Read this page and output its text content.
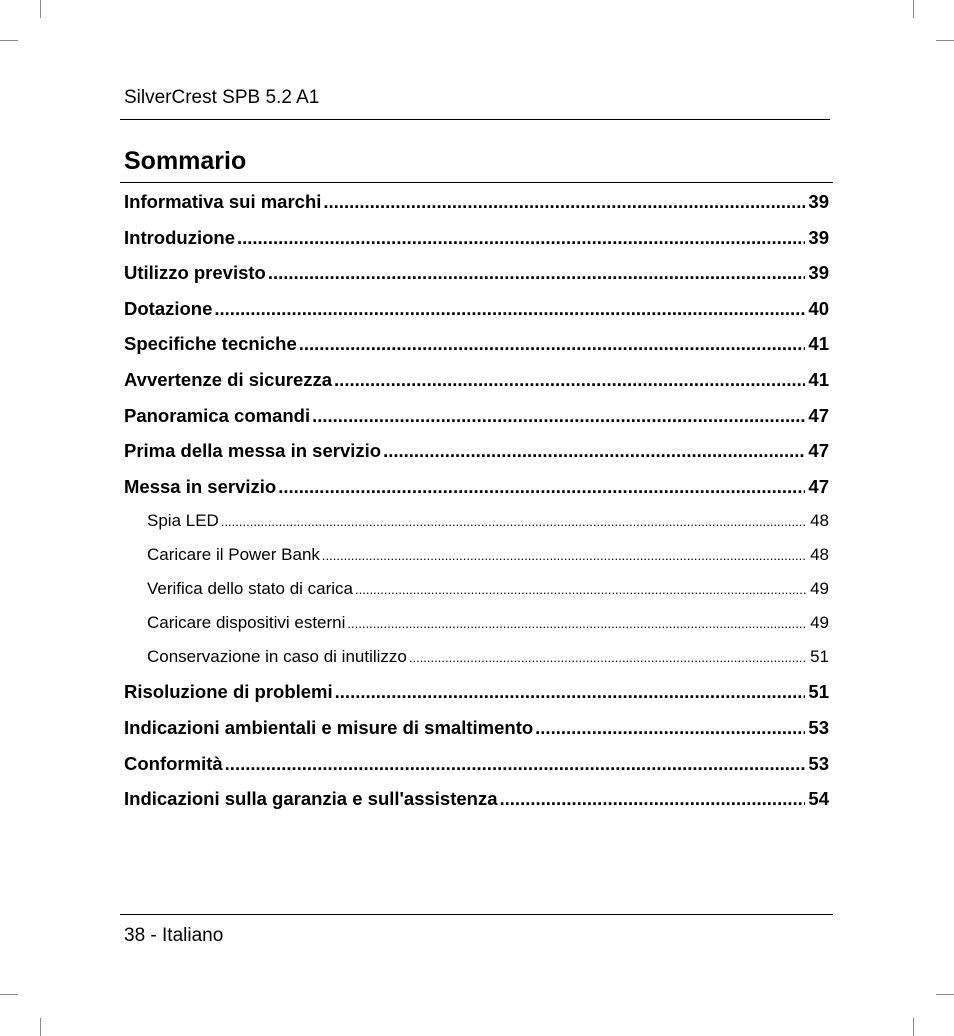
SilverCrest SPB 5.2 A1
Sommario
Informativa sui marchi .....	39
Introduzione .....	39
Utilizzo previsto .....	39
Dotazione .....	40
Specifiche tecniche .....	41
Avvertenze di sicurezza .....	41
Panoramica comandi .....	47
Prima della messa in servizio .....	47
Messa in servizio .....	47
Spia LED .....	48
Caricare il Power Bank .....	48
Verifica dello stato di carica .....	49
Caricare dispositivi esterni .....	49
Conservazione in caso di inutilizzo .....	51
Risoluzione di problemi .....	51
Indicazioni ambientali e misure di smaltimento .....	53
Conformità .....	53
Indicazioni sulla garanzia e sull'assistenza .....	54
38 - Italiano
